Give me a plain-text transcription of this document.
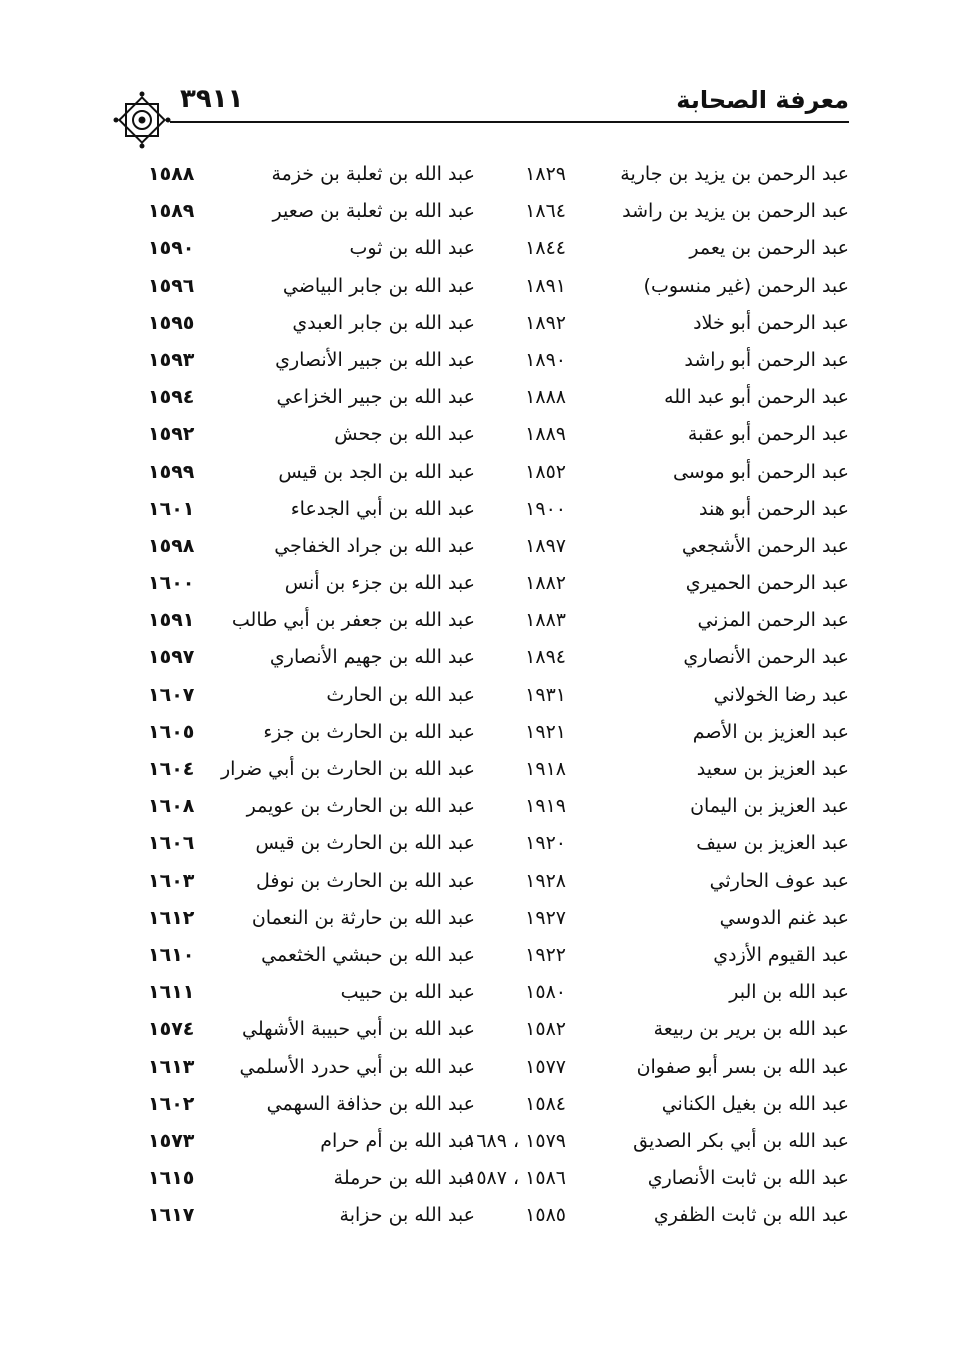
معرفة الصحابة
٣٩١١
عبد الرحمن بن يزيد بن جارية
١٨٢٩
عبد الله بن ثعلبة بن خزمة
١٥٨٨
عبد الرحمن بن يزيد بن راشد
١٨٦٤
عبد الله بن ثعلبة بن صعير
١٥٨٩
عبد الرحمن بن يعمر
١٨٤٤
عبد الله بن ثوب
١٥٩٠
عبد الرحمن (غير منسوب)
١٨٩١
عبد الله بن جابر البياضي
١٥٩٦
عبد الرحمن أبو خلاد
١٨٩٢
عبد الله بن جابر العبدي
١٥٩٥
عبد الرحمن أبو راشد
١٨٩٠
عبد الله بن جبير الأنصاري
١٥٩٣
عبد الرحمن أبو عبد الله
١٨٨٨
عبد الله بن جبير الخزاعي
١٥٩٤
عبد الرحمن أبو عقبة
١٨٨٩
عبد الله بن جحش
١٥٩٢
عبد الرحمن أبو موسى
١٨٥٢
عبد الله بن الجد بن قيس
١٥٩٩
عبد الرحمن أبو هند
١٩٠٠
عبد الله بن أبي الجدعاء
١٦٠١
عبد الرحمن الأشجعي
١٨٩٧
عبد الله بن جراد الخفاجي
١٥٩٨
عبد الرحمن الحميري
١٨٨٢
عبد الله بن جزء بن أنس
١٦٠٠
عبد الرحمن المزني
١٨٨٣
عبد الله بن جعفر بن أبي طالب
١٥٩١
عبد الرحمن الأنصاري
١٨٩٤
عبد الله بن جهيم الأنصاري
١٥٩٧
عبد رضا الخولاني
١٩٣١
عبد الله بن الحارث
١٦٠٧
عبد العزيز بن الأصم
١٩٢١
عبد الله بن الحارث بن جزء
١٦٠٥
عبد العزيز بن سعيد
١٩١٨
عبد الله بن الحارث بن أبي ضرار
١٦٠٤
عبد العزيز بن اليمان
١٩١٩
عبد الله بن الحارث بن عويمر
١٦٠٨
عبد العزيز بن سيف
١٩٢٠
عبد الله بن الحارث بن قيس
١٦٠٦
عبد عوف الحارثي
١٩٢٨
عبد الله بن الحارث بن نوفل
١٦٠٣
عبد غنم الدوسي
١٩٢٧
عبد الله بن حارثة بن النعمان
١٦١٢
عبد القيوم الأزدي
١٩٢٢
عبد الله بن حبشي الخثعمي
١٦١٠
عبد الله بن البر
١٥٨٠
عبد الله بن حبيب
١٦١١
عبد الله بن برير بن ربيعة
١٥٨٢
عبد الله بن أبي حبيبة الأشهلي
١٥٧٤
عبد الله بن بسر أبو صفوان
١٥٧٧
عبد الله بن أبي حدرد الأسلمي
١٦١٣
عبد الله بن بغيل الكناني
١٥٨٤
عبد الله بن حذافة السهمي
١٦٠٢
عبد الله بن أبي بكر الصديق
١٥٧٩ ، ١٦٨٩
عبد الله بن أم حرام
١٥٧٣
عبد الله بن ثابت الأنصاري
١٥٨٦ ، ١٥٨٧
عبد الله بن حرملة
١٦١٥
عبد الله بن ثابت الظفري
١٥٨٥
عبد الله بن حزابة
١٦١٧
